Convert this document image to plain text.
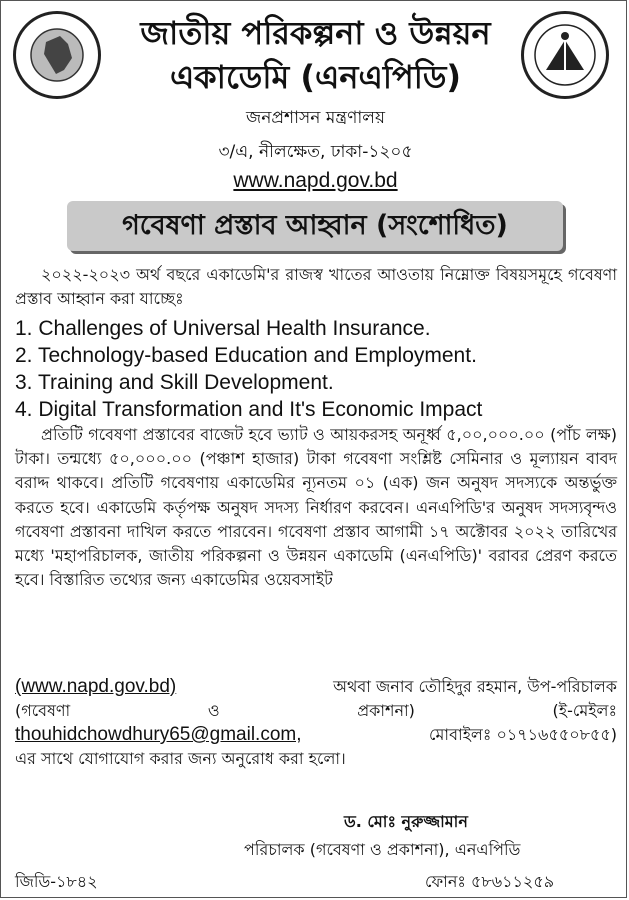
জাতীয় পরিকল্পনা ও উন্নয়ন
একাডেমি (এনএপিডি)
জনপ্রশাসন মন্ত্রণালয়
৩/এ, নীলক্ষেত, ঢাকা-১২০৫
www.napd.gov.bd
গবেষণা প্রস্তাব আহ্বান (সংশোধিত)
২০২২-২০২৩ অর্থ বছরে একাডেমি'র রাজস্ব খাতের আওতায় নিম্নোক্ত বিষয়সমূহে গবেষণা প্রস্তাব আহ্বান করা যাচ্ছেঃ
1. Challenges of Universal Health Insurance.
2. Technology-based Education and Employment.
3. Training and Skill Development.
4. Digital Transformation and It's Economic Impact
প্রতিটি গবেষণা প্রস্তাবের বাজেট হবে ভ্যাট ও আয়করসহ অনূর্ধ্ব ৫,০০,০০০.০০ (পাঁচ লক্ষ) টাকা। তন্মধ্যে ৫০,০০০.০০ (পঞ্চাশ হাজার) টাকা গবেষণা সংশ্লিষ্ট সেমিনার ও মূল্যায়ন বাবদ বরাদ্দ থাকবে। প্রতিটি গবেষণায় একাডেমির ন্যূনতম ০১ (এক) জন অনুষদ সদস্যকে অন্তর্ভুক্ত করতে হবে। একাডেমি কর্তৃপক্ষ অনুষদ সদস্য নির্ধারণ করবেন। এনএপিডি'র অনুষদ সদস্যবৃন্দও গবেষণা প্রস্তাবনা দাখিল করতে পারবেন। গবেষণা প্রস্তাব আগামী ১৭ অক্টোবর ২০২২ তারিখের মধ্যে 'মহাপরিচালক, জাতীয় পরিকল্পনা ও উন্নয়ন একাডেমি (এনএপিডি)' বরাবর প্রেরণ করতে হবে। বিস্তারিত তথ্যের জন্য একাডেমির ওয়েবসাইট
(www.napd.gov.bd)	অথবা জনাব তৌহিদুর রহমান, উপ-পরিচালক
(গবেষণা	ও	প্রকাশনা)	(ই-মেইলঃ
thouhidchowdhury65@gmail.com,	মোবাইলঃ ০১৭১৬৫৫০৮৫৫)
এর সাথে যোগাযোগ করার জন্য অনুরোধ করা হলো।
ড. মোঃ নুরুজ্জামান
পরিচালক (গবেষণা ও প্রকাশনা), এনএপিডি
জিডি-১৮৪২	ফোনঃ ৫৮৬১১২৫৯
